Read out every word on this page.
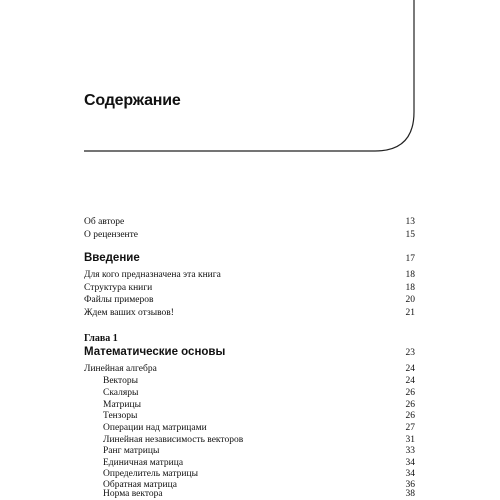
Содержание
Об авторе	13
О рецензенте	15
Введение	17
Для кого предназначена эта книга	18
Структура книги	18
Файлы примеров	20
Ждем ваших отзывов!	21
Глава 1
Математические основы	23
Линейная алгебра	24
Векторы	24
Скаляры	26
Матрицы	26
Тензоры	26
Операции над матрицами	27
Линейная независимость векторов	31
Ранг матрицы	33
Единичная матрица	34
Определитель матрицы	34
Обратная матрица	36
Норма вектора	38
